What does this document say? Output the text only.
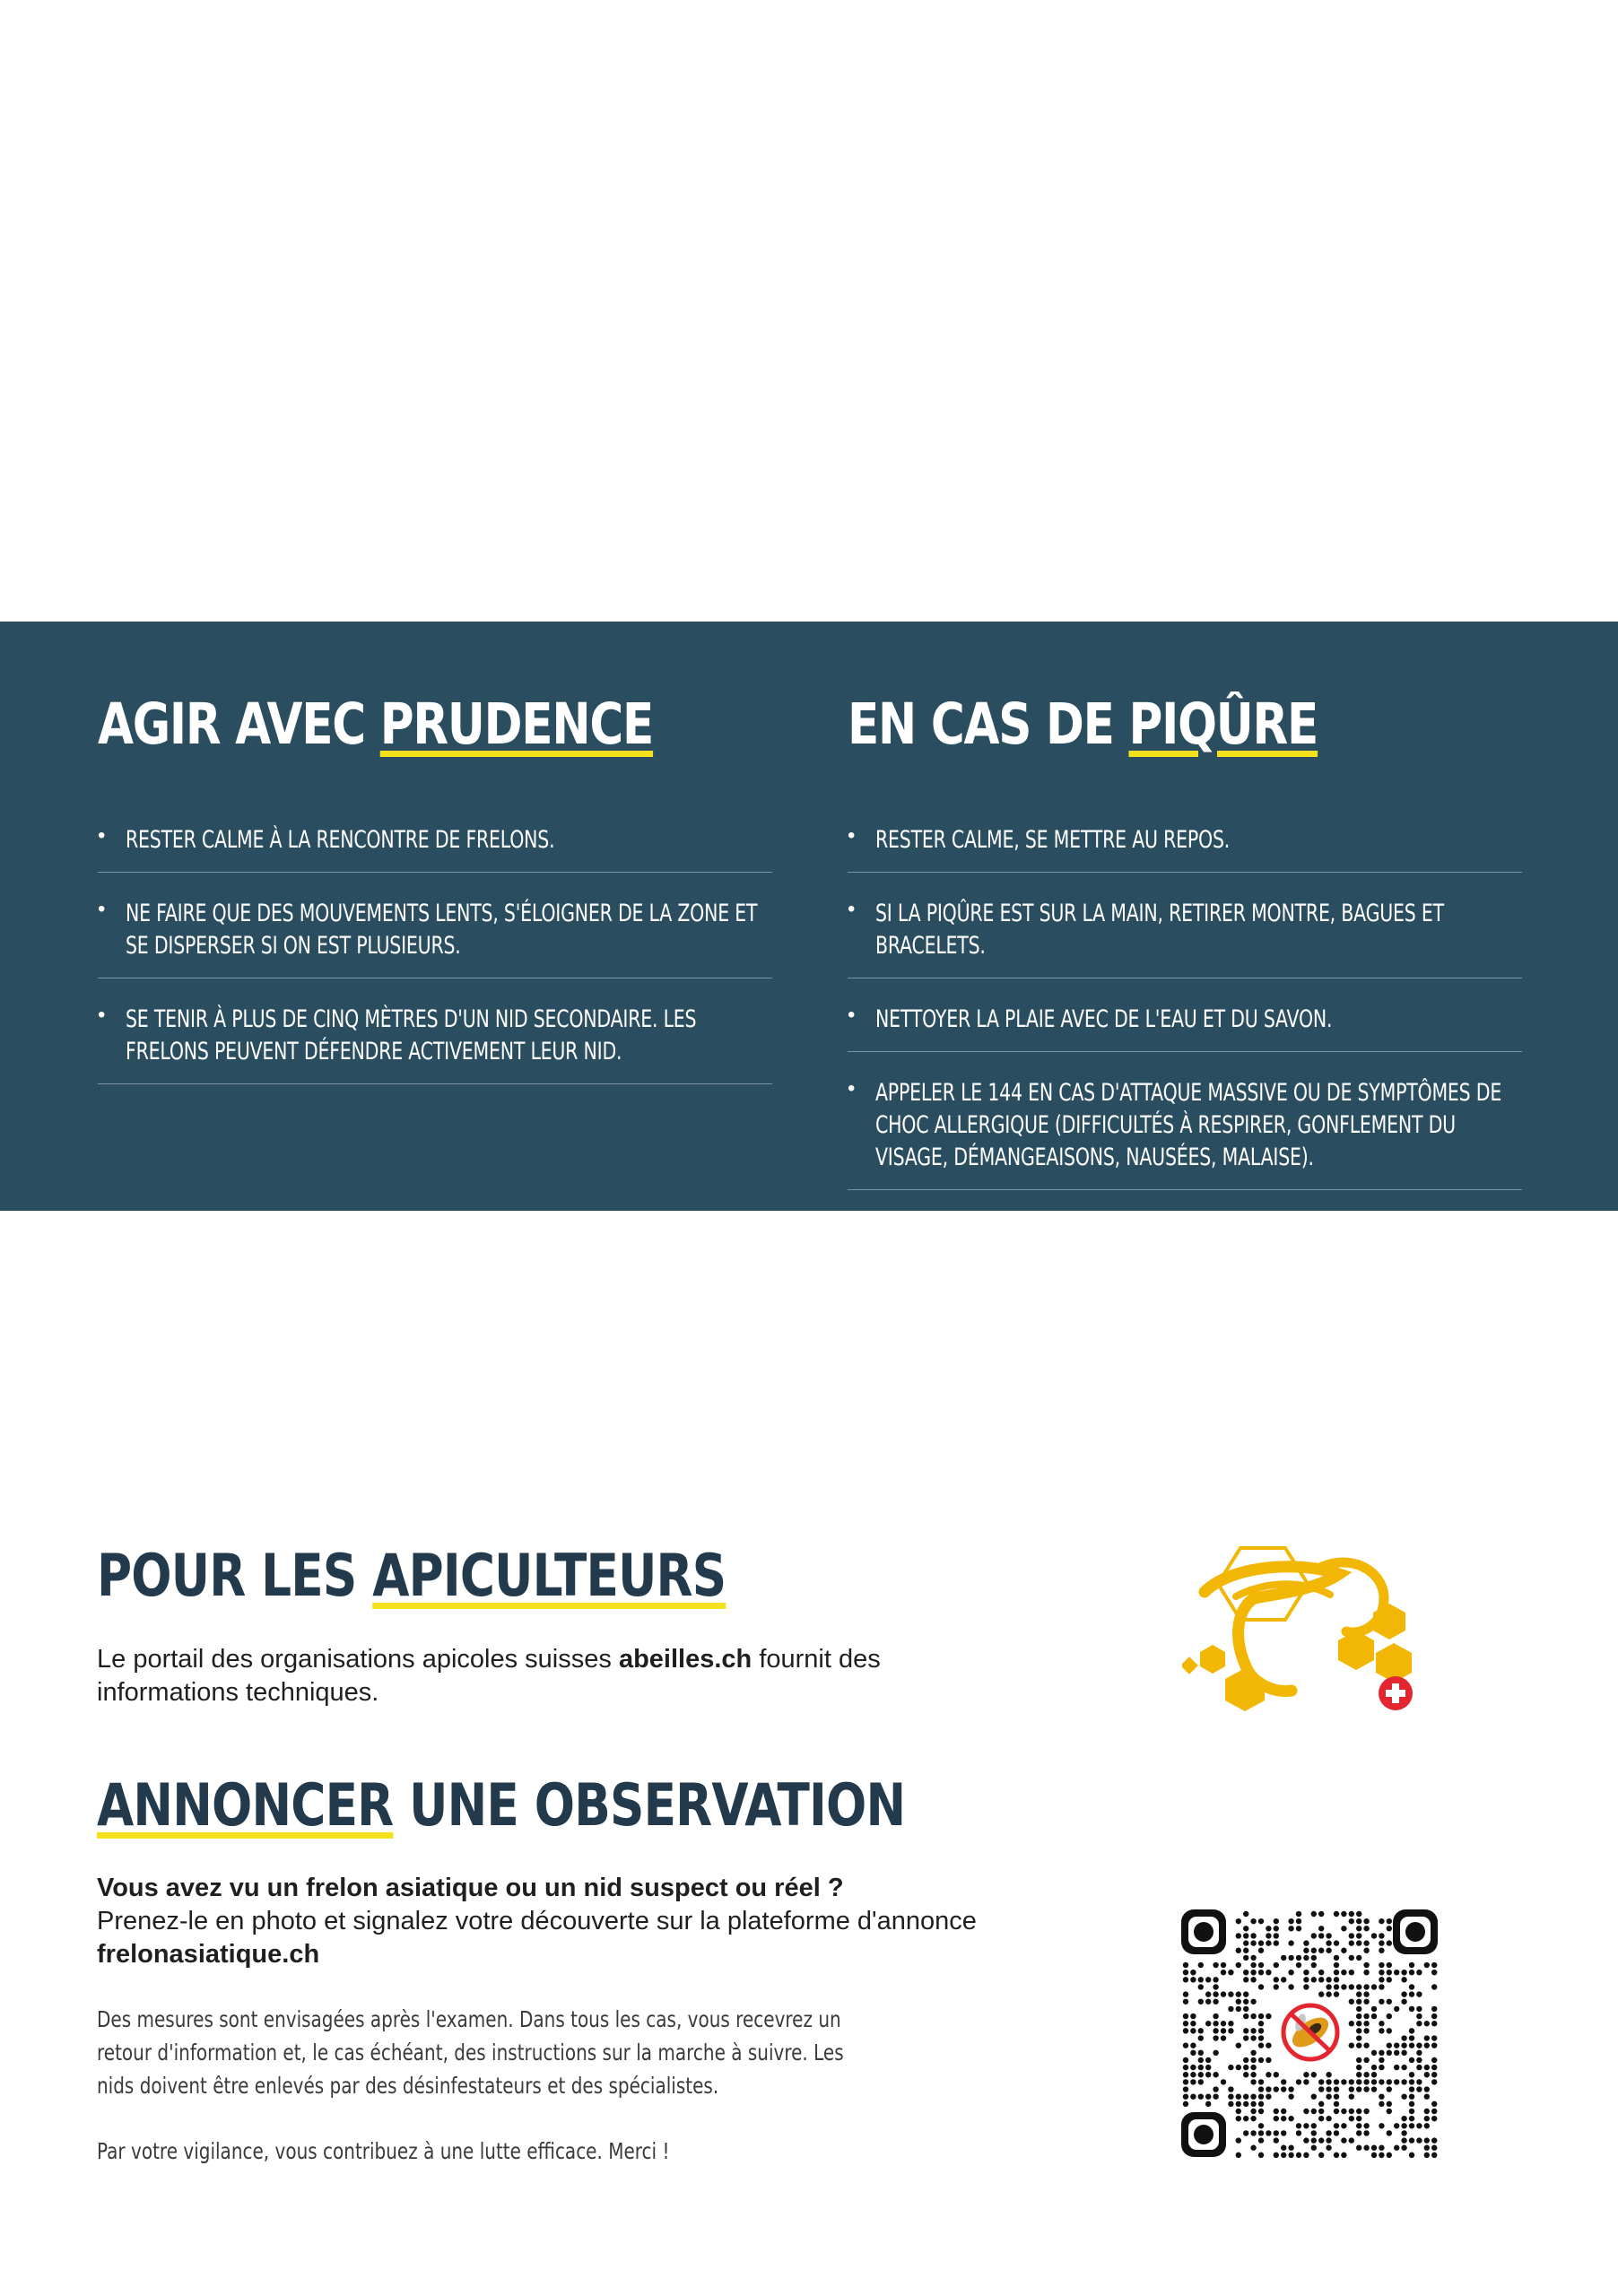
AGIR AVEC PRUDENCE
• RESTER CALME À LA RENCONTRE DE FRELONS.
• NE FAIRE QUE DES MOUVEMENTS LENTS, S'ÉLOIGNER DE LA ZONE ET SE DISPERSER SI ON EST PLUSIEURS.
• SE TENIR À PLUS DE CINQ MÈTRES D'UN NID SECONDAIRE. LES FRELONS PEUVENT DÉFENDRE ACTIVEMENT LEUR NID.
EN CAS DE PIQÛRE
• RESTER CALME, SE METTRE AU REPOS.
• SI LA PIQÛRE EST SUR LA MAIN, RETIRER MONTRE, BAGUES ET BRACELETS.
• NETTOYER LA PLAIE AVEC DE L'EAU ET DU SAVON.
• APPELER LE 144 EN CAS D'ATTAQUE MASSIVE OU DE SYMPTÔMES DE CHOC ALLERGIQUE (DIFFICULTÉS À RESPIRER, GONFLEMENT DU VISAGE, DÉMANGEAISONS, NAUSÉES, MALAISE).
POUR LES APICULTEURS

Le portail des organisations apicoles suisses abeilles.ch fournit des informations techniques.

ANNONCER UNE OBSERVATION

Vous avez vu un frelon asiatique ou un nid suspect ou réel ?

Prenez-le en photo et signalez votre découverte sur la plateforme d'annonce

frelonasiatique.ch

Des mesures sont envisagées après l'examen. Dans tous les cas, vous recevrez un retour d'information et, le cas échéant, des instructions sur la marche à suivre. Les nids doivent être enlevés par des désinfestateurs et des spécialistes.

Par votre vigilance, vous contribuez à une lutte efficace. Merci !
